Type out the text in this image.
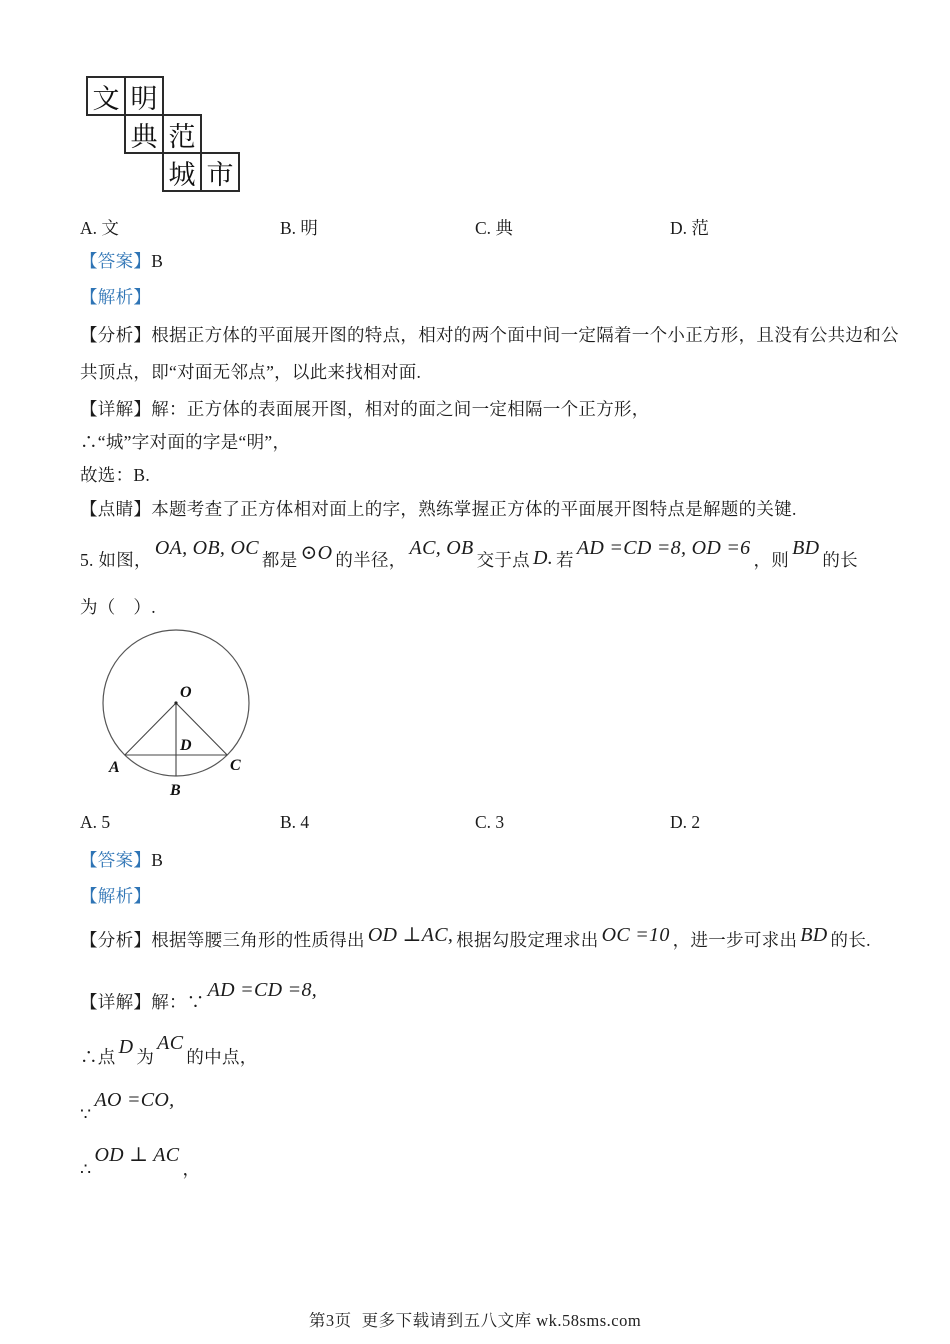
文 明
典 范
城 市
A. 文	B. 明	C. 典	D. 范
【答案】B
【解析】
【分析】根据正方体的平面展开图的特点，相对的两个面中间一定隔着一个小正方形，且没有公共边和公
共顶点，即“对面无邻点”，以此来找相对面.
【详解】解：正方体的表面展开图，相对的面之间一定相隔一个正方形，
∴“城”字对面的字是“明”，
故选：B.
【点睛】本题考查了正方体相对面上的字，熟练掌握正方体的平面展开图特点是解题的关键.
5. 如图，OA, OB, OC都是 ⊙O 的半径，AC, OB交于点 D. 若AD =CD =8, OD =6，则BD的长
为（　）.
O
A	C
D
B
A. 5	B. 4	C. 3	D. 2
【答案】B
【解析】
【分析】根据等腰三角形的性质得出 OD ⊥AC, 根据勾股定理求出 OC =10 ，进一步可求出 BD 的长.
【详解】解：∵AD =CD =8,
∴点 D 为AC的中点，
∵AO =CO,
∴OD ⊥ AC，
第3页 更多下载请到五八文库 wk.58sms.com
